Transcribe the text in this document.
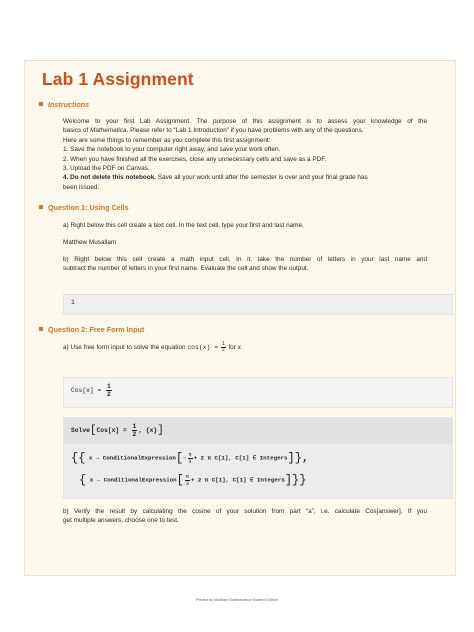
Lab 1 Assignment
Instructions
Welcome to your first Lab Assignment. The purpose of this assignment is to assess your knowledge of the
basics of Mathematica. Please refer to “Lab 1 Introduction” if you have problems with any of the questions.
Here are some things to remember as you complete this first assignment:
1. Save the notebook to your computer right away, and save your work often.
2. When you have finished all the exercises, close any unnecessary cells and save as a PDF.
3. Upload the PDF on Canvas.
4. Do not delete this notebook. Save all your work until after the semester is over and your final grade has
been issued.
Question 1: Using Cells
a) Right below this cell create a text cell. In the text cell, type your first and last name.
Matthew Musallam
b) Right below this cell create a math input cell. In it, take the number of letters in your last name and
subtract the number of letters in your first name. Evaluate the cell and show the output.
1
Question 2: Free Form Input
a) Use free form input to solve the equation $\cos(x) = \frac{1}{2}$ for x.
$Cos[x] = \frac{1}{2}$
Solve[Cos[x] = $\frac{1}{2}$ , {x}]
{{ x → ConditionalExpression[− $\frac{\pi}{3} + 2$ π C[1], C[1] ∈ Integers]},
{ x → ConditionalExpression[ $\frac{\pi}{3} + 2$ π C[1], C[1] ∈ Integers]}}
b) Verify the result by calculating the cosine of your solution from part “a”, i.e. calculate Cos[answer]. If you
get multiple answers, choose one to test.
Printed by Wolfram Mathematica Student Edition
